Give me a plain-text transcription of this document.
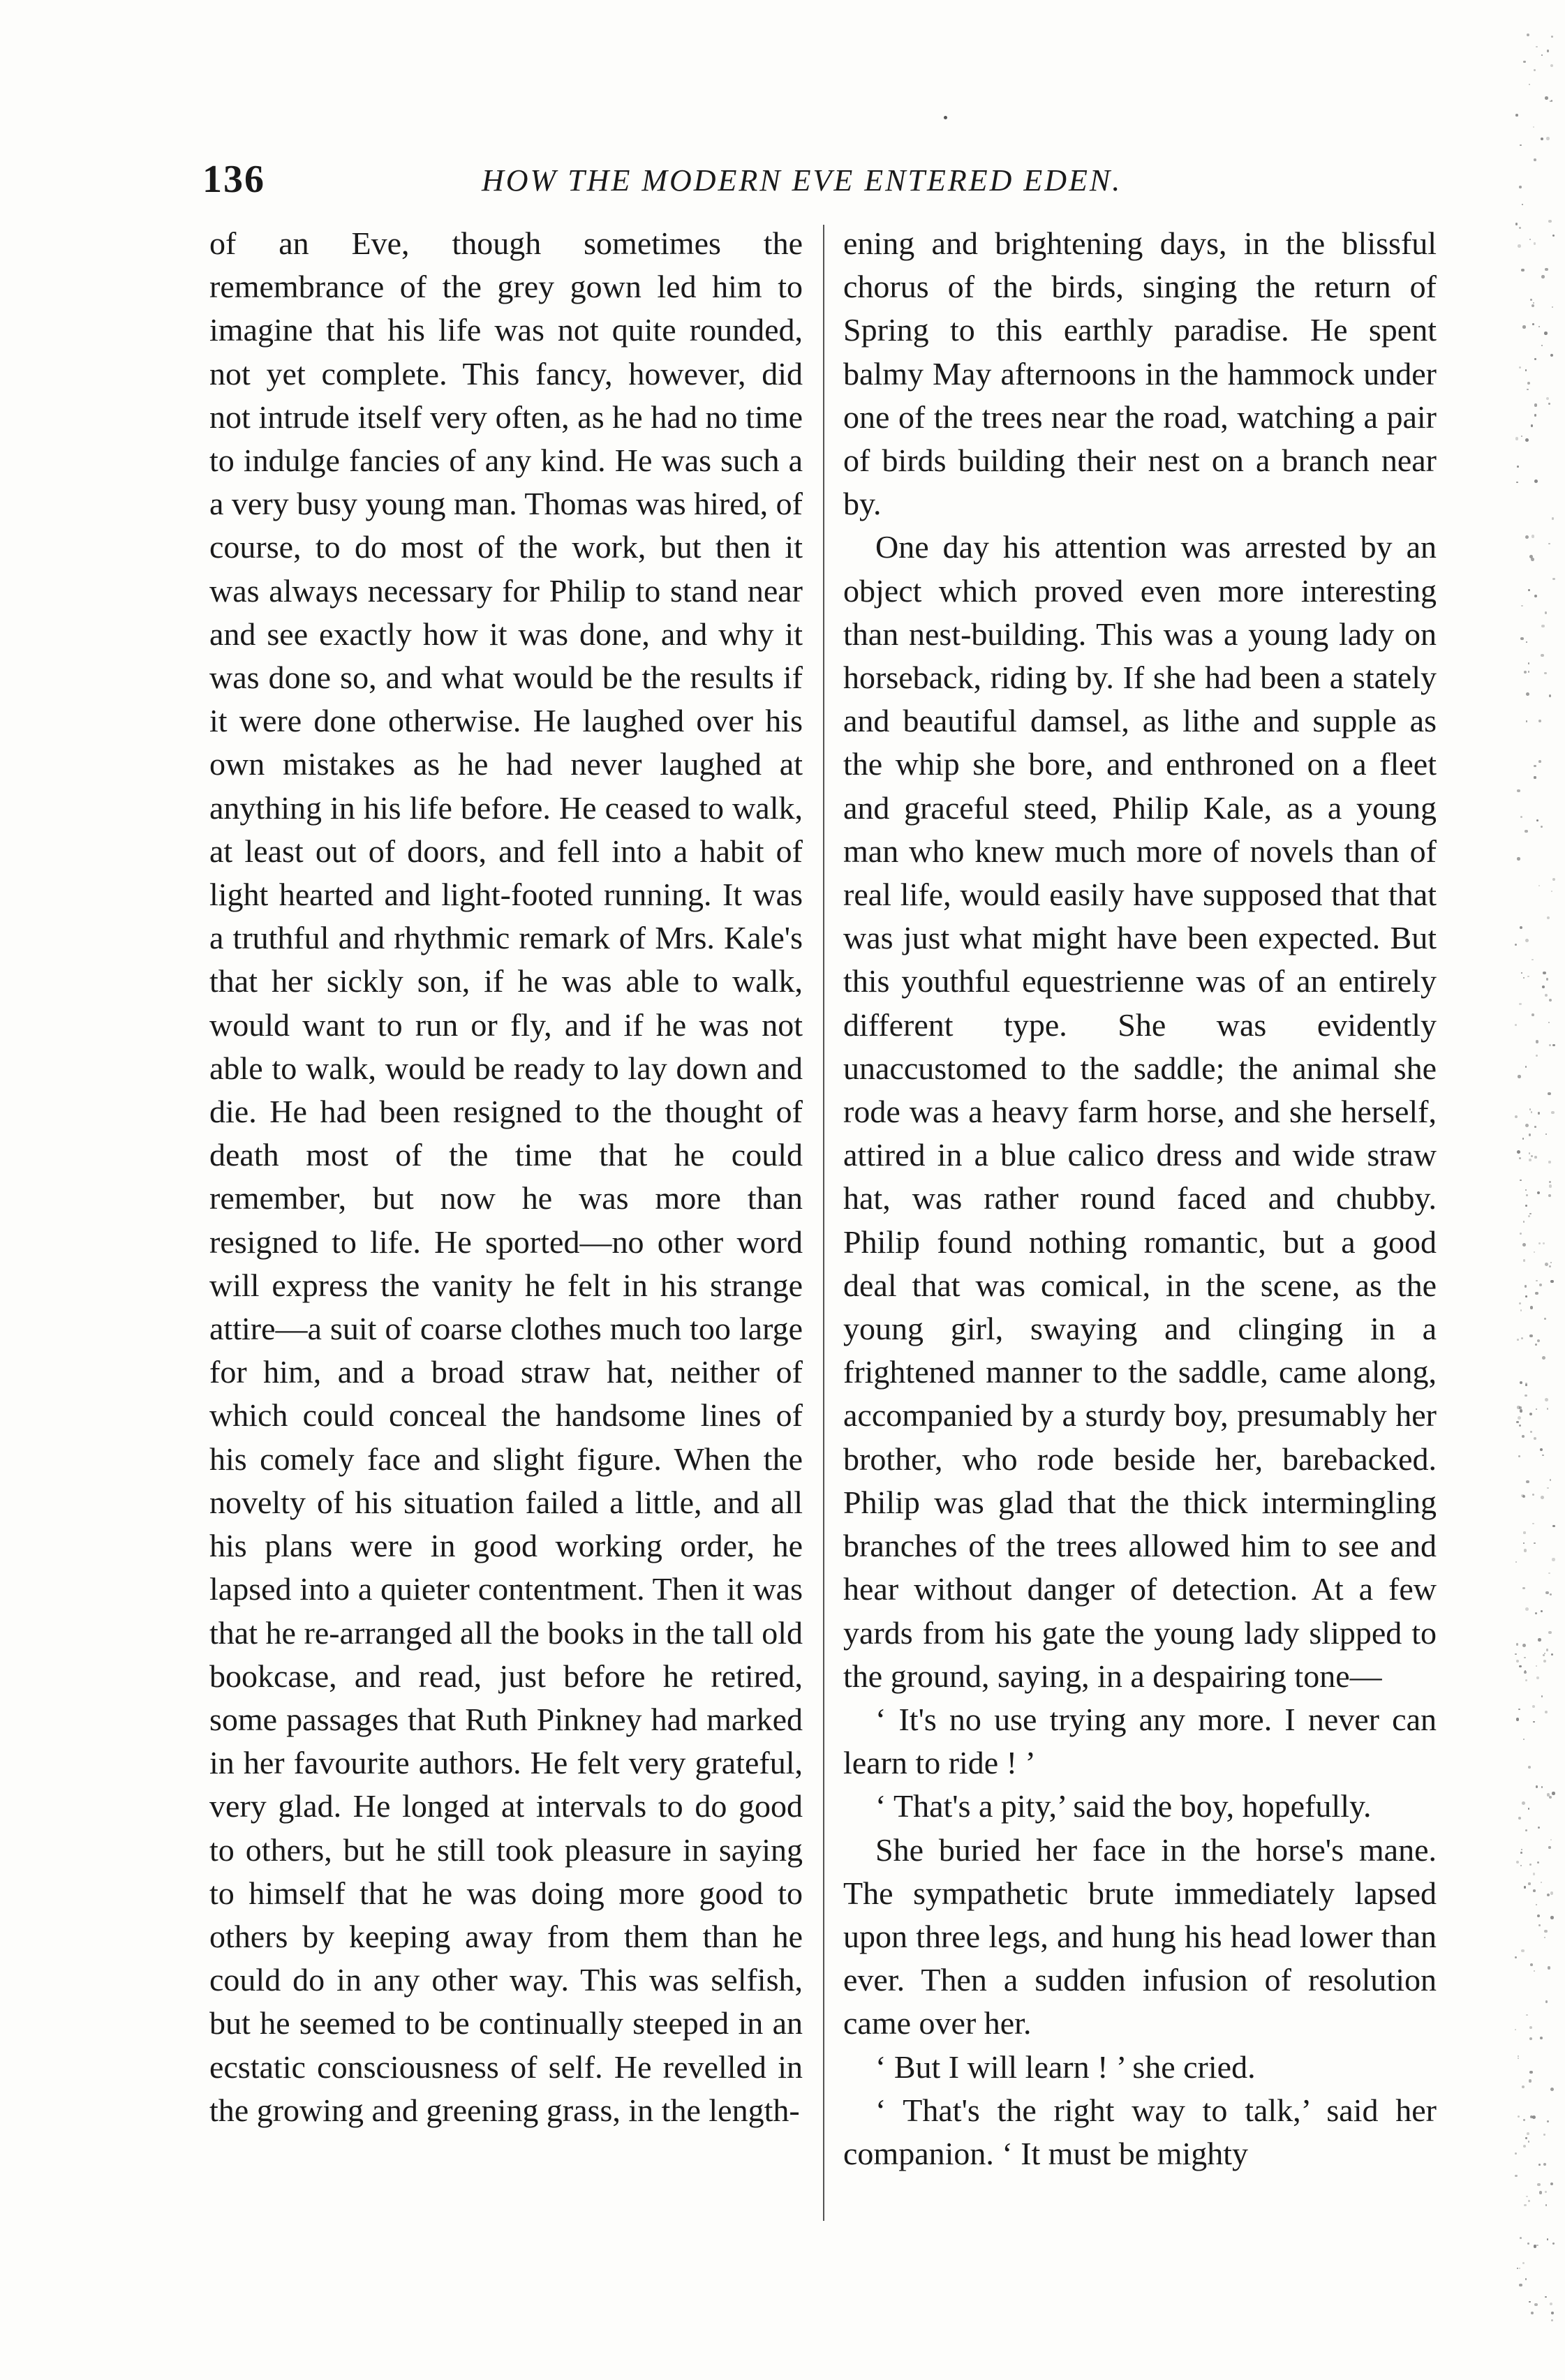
136	HOW THE MODERN EVE ENTERED EDEN.

of an Eve, though sometimes the remembrance of the grey gown led him to imagine that his life was not quite rounded, not yet complete. This fancy, however, did not intrude itself very often, as he had no time to indulge fancies of any kind. He was such a a very busy young man. Thomas was hired, of course, to do most of the work, but then it was always necessary for Philip to stand near and see exactly how it was done, and why it was done so, and what would be the results if it were done otherwise. He laughed over his own mistakes as he had never laughed at anything in his life before. He ceased to walk, at least out of doors, and fell into a habit of light hearted and light-footed running. It was a truthful and rhythmic remark of Mrs. Kale's that her sickly son, if he was able to walk, would want to run or fly, and if he was not able to walk, would be ready to lay down and die. He had been resigned to the thought of death most of the time that he could remember, but now he was more than resigned to life. He sported—no other word will express the vanity he felt in his strange attire—a suit of coarse clothes much too large for him, and a broad straw hat, neither of which could conceal the handsome lines of his comely face and slight figure. When the novelty of his situation failed a little, and all his plans were in good working order, he lapsed into a quieter contentment. Then it was that he re-arranged all the books in the tall old bookcase, and read, just before he retired, some passages that Ruth Pinkney had marked in her favourite authors. He felt very grateful, very glad. He longed at intervals to do good to others, but he still took pleasure in saying to himself that he was doing more good to others by keeping away from them than he could do in any other way. This was selfish, but he seemed to be continually steeped in an ecstatic consciousness of self. He revelled in the growing and greening grass, in the length-

ening and brightening days, in the blissful chorus of the birds, singing the return of Spring to this earthly paradise. He spent balmy May afternoons in the hammock under one of the trees near the road, watching a pair of birds building their nest on a branch near by.

One day his attention was arrested by an object which proved even more interesting than nest-building. This was a young lady on horseback, riding by. If she had been a stately and beautiful damsel, as lithe and supple as the whip she bore, and enthroned on a fleet and graceful steed, Philip Kale, as a young man who knew much more of novels than of real life, would easily have supposed that that was just what might have been expected. But this youthful equestrienne was of an entirely different type. She was evidently unaccustomed to the saddle; the animal she rode was a heavy farm horse, and she herself, attired in a blue calico dress and wide straw hat, was rather round faced and chubby. Philip found nothing romantic, but a good deal that was comical, in the scene, as the young girl, swaying and clinging in a frightened manner to the saddle, came along, accompanied by a sturdy boy, presumably her brother, who rode beside her, barebacked. Philip was glad that the thick intermingling branches of the trees allowed him to see and hear without danger of detection. At a few yards from his gate the young lady slipped to the ground, saying, in a despairing tone—

‘ It's no use trying any more. I never can learn to ride ! ’

‘ That's a pity,’ said the boy, hopefully.

She buried her face in the horse's mane. The sympathetic brute immediately lapsed upon three legs, and hung his head lower than ever. Then a sudden infusion of resolution came over her.

‘ But I will learn ! ’ she cried.

‘ That's the right way to talk,’ said her companion. ‘ It must be mighty
